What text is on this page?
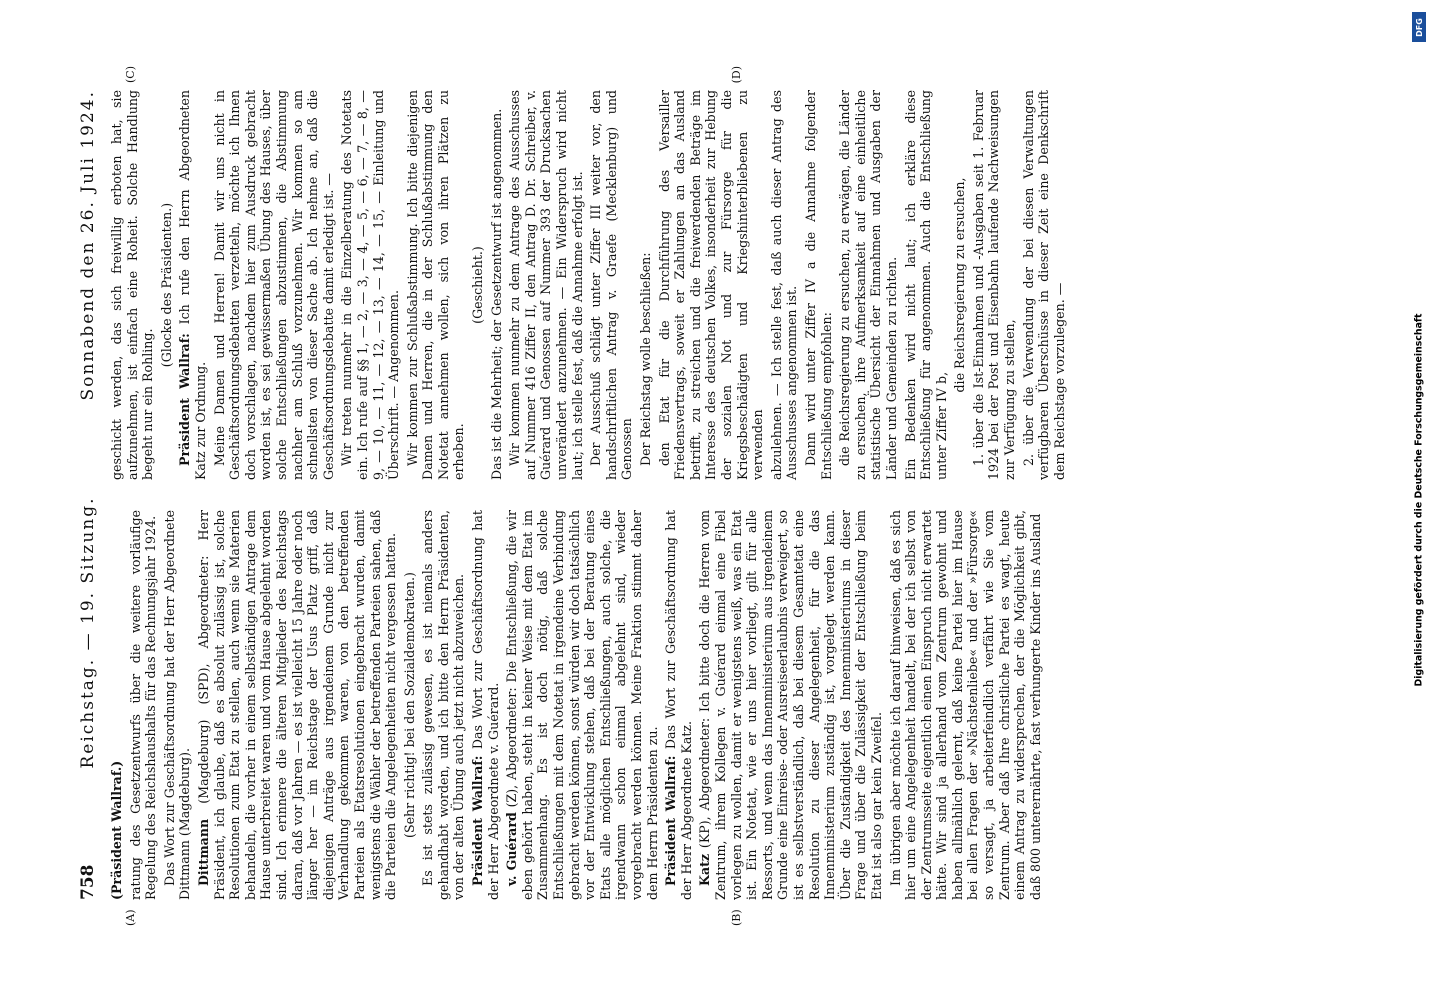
758
Reichstag. — 19. Sitzung.
Sonnabend den 26. Juli 1924.
(A)	(B)

(Präsident Wallraf.) ratung des Gesetzentwurfs über die weitere vorläufige Regelung des Reichshaushalts für das Rechnungsjahr 1924. Das Wort zur Geschäftsordnung hat der Herr Abgeordnete Dittmann (Magdeburg). Dittmann (Magdeburg) (SPD), Abgeordneter: Herr Präsident, ich glaube, daß es absolut zulässig ist, solche Resolutionen zum Etat zu stellen, auch wenn sie Materien behandeln, die vorher in einem selbständigen Antrage dem Hause unterbreitet waren und vom Hause abgelehnt worden sind. Ich erinnere die älteren Mitglieder des Reichstags daran, daß vor Jahren — es ist vielleicht 15 Jahre oder noch länger her — im Reichstage der Usus Platz griff, daß diejenigen Anträge aus irgendeinem Grunde nicht zur Verhandlung gekommen waren, von den betreffenden Parteien als Etatsresolutionen eingebracht wurden, damit wenigstens die Wähler der betreffenden Parteien sahen, daß die Parteien die Angelegenheiten nicht vergessen hatten. (Sehr richtig! bei den Sozialdemokraten.) Es ist stets zulässig gewesen, es ist niemals anders gehandhabt worden, und ich bitte den Herrn Präsidenten, von der alten Übung auch jetzt nicht abzuweichen. Präsident Wallraf: Das Wort zur Geschäftsordnung hat der Herr Abgeordnete v. Guérard. v. Guérard (Z), Abgeordneter: Die Entschließung, die wir eben gehört haben, steht in keiner Weise mit dem Etat im Zusammenhang. Es ist doch nötig, daß solche Entschließungen mit dem Notetat in irgendeine Verbindung gebracht werden können, sonst würden wir doch tatsächlich vor der Entwicklung stehen, daß bei der Beratung eines Etats alle möglichen Entschließungen, auch solche, die irgendwann schon einmal abgelehnt sind, wieder vorgebracht werden können. Meine Fraktion stimmt daher dem Herrn Präsidenten zu. Präsident Wallraf: Das Wort zur Geschäftsordnung hat der Herr Abgeordnete Katz. Katz (KP), Abgeordneter: Ich bitte doch die Herren vom Zentrum, ihrem Kollegen v. Guérard einmal eine Fibel vorlegen zu wollen, damit er wenigstens weiß, was ein Etat ist. Ein Notetat, wie er uns hier vorliegt, gilt für alle Ressorts, und wenn das Innenministerium aus irgendeinem Grunde eine Einreise- oder Ausreiseerlaubnis verweigert, so ist es selbstverständlich, daß bei diesem Gesamtetat eine Resolution zu dieser Angelegenheit, für die das Innenministerium zuständig ist, vorgelegt werden kann. Über die Zuständigkeit des Innenministeriums in dieser Frage und über die Zulässigkeit der Entschließung beim Etat ist also gar kein Zweifel. Im übrigen aber möchte ich darauf hinweisen, daß es sich hier um eine Angelegenheit handelt, bei der ich selbst von der Zentrumsseite eigentlich einen Einspruch nicht erwartet hätte. Wir sind ja allerhand vom Zentrum gewohnt und haben allmählich gelernt, daß keine Partei hier im Hause bei allen Fragen der »Nächstenliebe« und der »Fürsorge« so versagt, ja arbeiterfeindlich verfährt wie Sie vom Zentrum. Aber daß Ihre christliche Partei es wagt, heute einem Antrag zu widersprechen, der die Möglichkeit gibt, daß 800 unterernährte, fast verhungerte Kinder ins Ausland

(C)	(D)

geschickt werden, das sich freiwillig erboten hat, sie aufzunehmen, ist einfach eine Roheit. Solche Handlung begeht nur ein Rohling.

(Glocke des Präsidenten.)

Präsident Wallraf: Ich rufe den Herrn Abgeordneten Katz zur Ordnung. Meine Damen und Herren! Damit wir uns nicht in Geschäftsordnungsdebatten verzetteln, möchte ich Ihnen doch vorschlagen, nachdem hier zum Ausdruck gebracht worden ist, es sei gewissermaßen Übung des Hauses, über solche Entschließungen abzustimmen, die Abstimmung nachher am Schluß vorzunehmen. Wir kommen so am schnellsten von dieser Sache ab. Ich nehme an, daß die Geschäftsordnungsdebatte damit erledigt ist. — Wir treten nunmehr in die Einzelberatung des Notetats ein. Ich rufe auf §§ 1, — 2, — 3, — 4, — 5, — 6, — 7, — 8, — 9, — 10, — 11, — 12, — 13, — 14, — 15, — Einleitung und Überschrift. — Angenommen. Wir kommen zur Schlußabstimmung. Ich bitte diejenigen Damen und Herren, die in der Schlußabstimmung den Notetat annehmen wollen, sich von ihren Plätzen zu erheben.

(Geschieht.) Das ist die Mehrheit; der Gesetzentwurf ist angenommen. Wir kommen nunmehr zu dem Antrage des Ausschusses auf Nummer 416 Ziffer II, den Antrag D. Dr. Schreiber, v. Guérard und Genossen auf Nummer 393 der Drucksachen unverändert anzunehmen. — Ein Widerspruch wird nicht laut; ich stelle fest, daß die Annahme erfolgt ist. Der Ausschuß schlägt unter Ziffer III weiter vor, den handschriftlichen Antrag v. Graefe (Mecklenburg) und Genossen Der Reichstag wolle beschließen: den Etat für die Durchführung des Versailler Friedensvertrags, soweit er Zahlungen an das Ausland betrifft, zu streichen und die freiwerdenden Beträge im Interesse des deutschen Volkes, insonderheit zur Hebung der sozialen Not und zur Fürsorge für die Kriegsbeschädigten und Kriegshinterbliebenen zu verwenden abzulehnen. — Ich stelle fest, daß auch dieser Antrag des Ausschusses angenommen ist. Dann wird unter Ziffer IV a die Annahme folgender Entschließung empfohlen: die Reichsregierung zu ersuchen, zu erwägen, die Länder zu ersuchen, ihre Aufmerksamkeit auf eine einheitliche statistische Übersicht der Einnahmen und Ausgaben der Länder und Gemeinden zu richten. Ein Bedenken wird nicht laut; ich erkläre diese Entschließung für angenommen. Auch die Entschließung unter Ziffer IV b,

die Reichsregierung zu ersuchen, 1. über die Ist-Einnahmen und -Ausgaben seit 1. Februar 1924 bei der Post und Eisenbahn laufende Nachweisungen zur Verfügung zu stellen, 2. über die Verwendung der bei diesen Verwaltungen verfügbaren Überschüsse in dieser Zeit eine Denkschrift dem Reichstage vorzulegen. —

DFG
Digitalisierung gefördert durch die Deutsche Forschungsgemeinschaft
